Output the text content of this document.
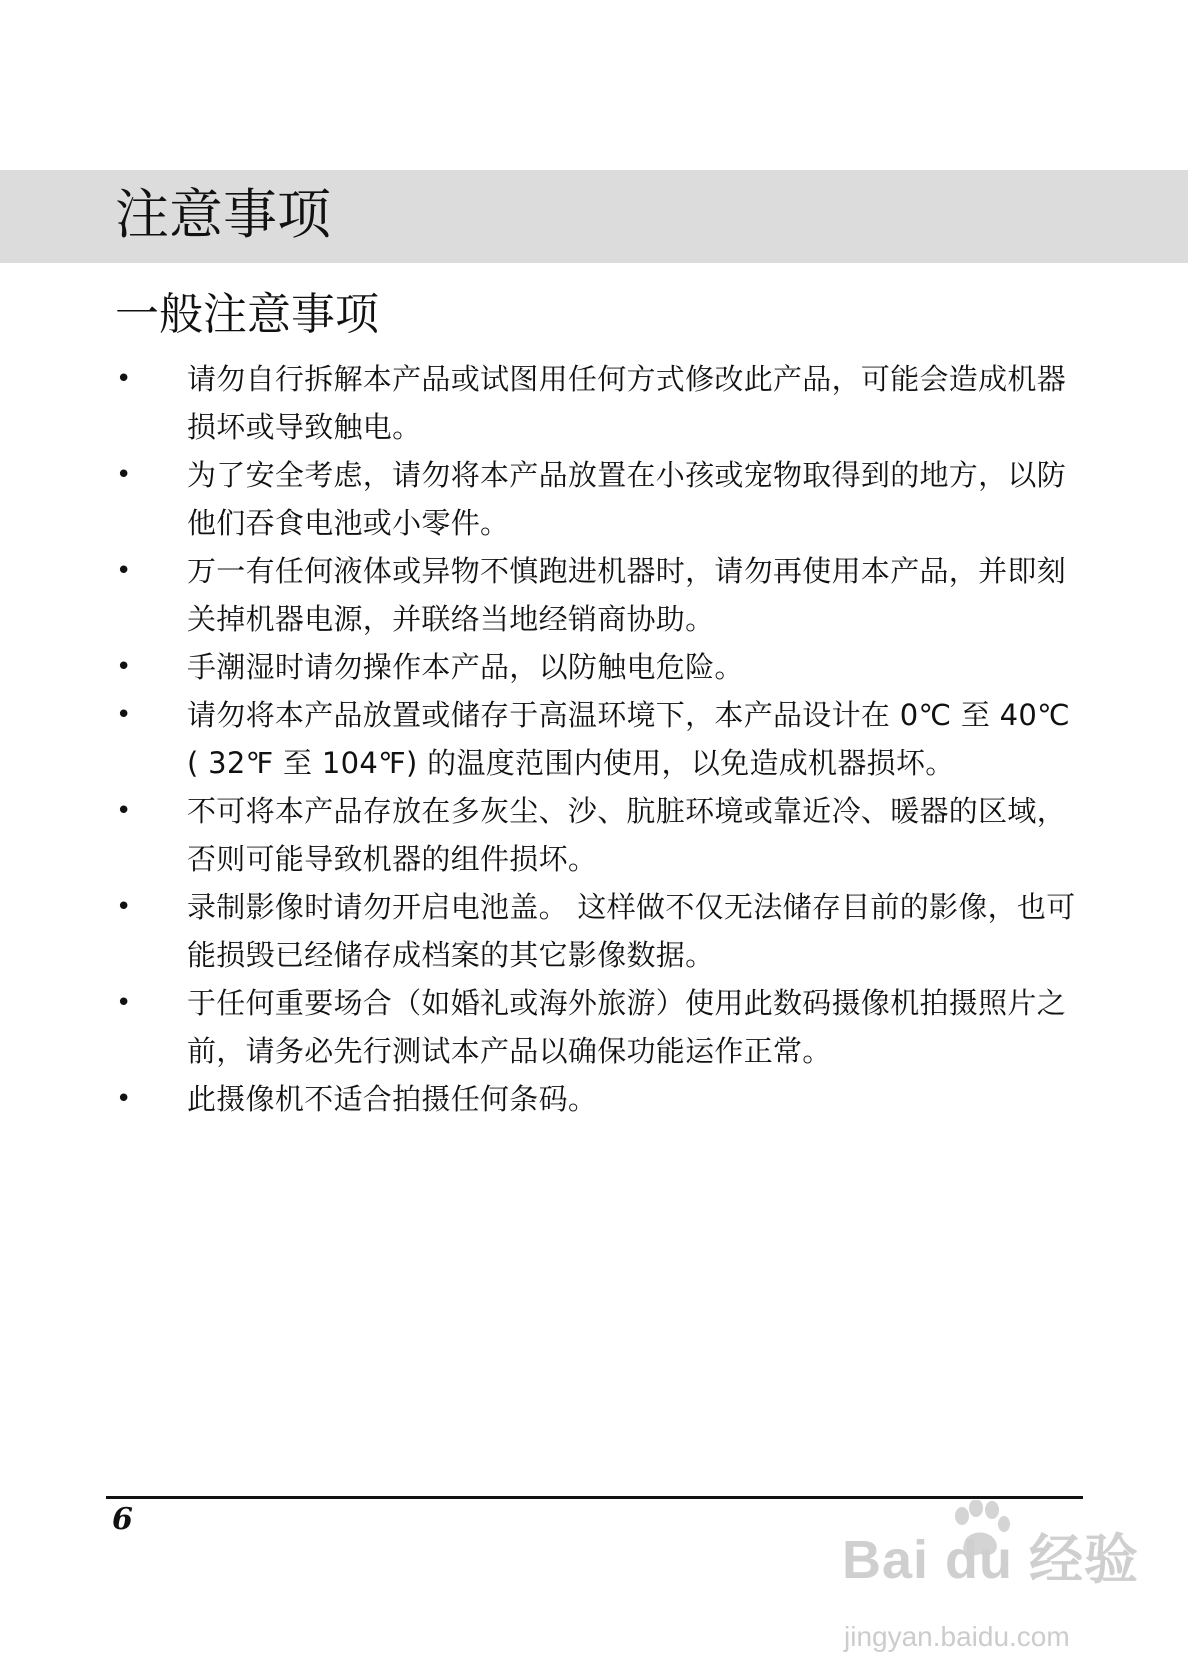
注意事项
一般注意事项
• 请勿自行拆解本产品或试图用任何方式修改此产品，可能会造成机器损坏或导致触电。
• 为了安全考虑，请勿将本产品放置在小孩或宠物取得到的地方，以防他们吞食电池或小零件。
• 万一有任何液体或异物不慎跑进机器时，请勿再使用本产品，并即刻关掉机器电源，并联络当地经销商协助。
• 手潮湿时请勿操作本产品，以防触电危险。
• 请勿将本产品放置或储存于高温环境下，本产品设计在 0℃ 至 40℃ ( 32℉ 至 104℉) 的温度范围内使用，以免造成机器损坏。
• 不可将本产品存放在多灰尘、沙、肮脏环境或靠近冷、暖器的区域，否则可能导致机器的组件损坏。
• 录制影像时请勿开启电池盖。 这样做不仅无法储存目前的影像，也可能损毁已经储存成档案的其它影像数据。
• 于任何重要场合（如婚礼或海外旅游）使用此数码摄像机拍摄照片之前，请务必先行测试本产品以确保功能运作正常。
• 此摄像机不适合拍摄任何条码。
6
Bai du 经验
jingyan.baidu.com
